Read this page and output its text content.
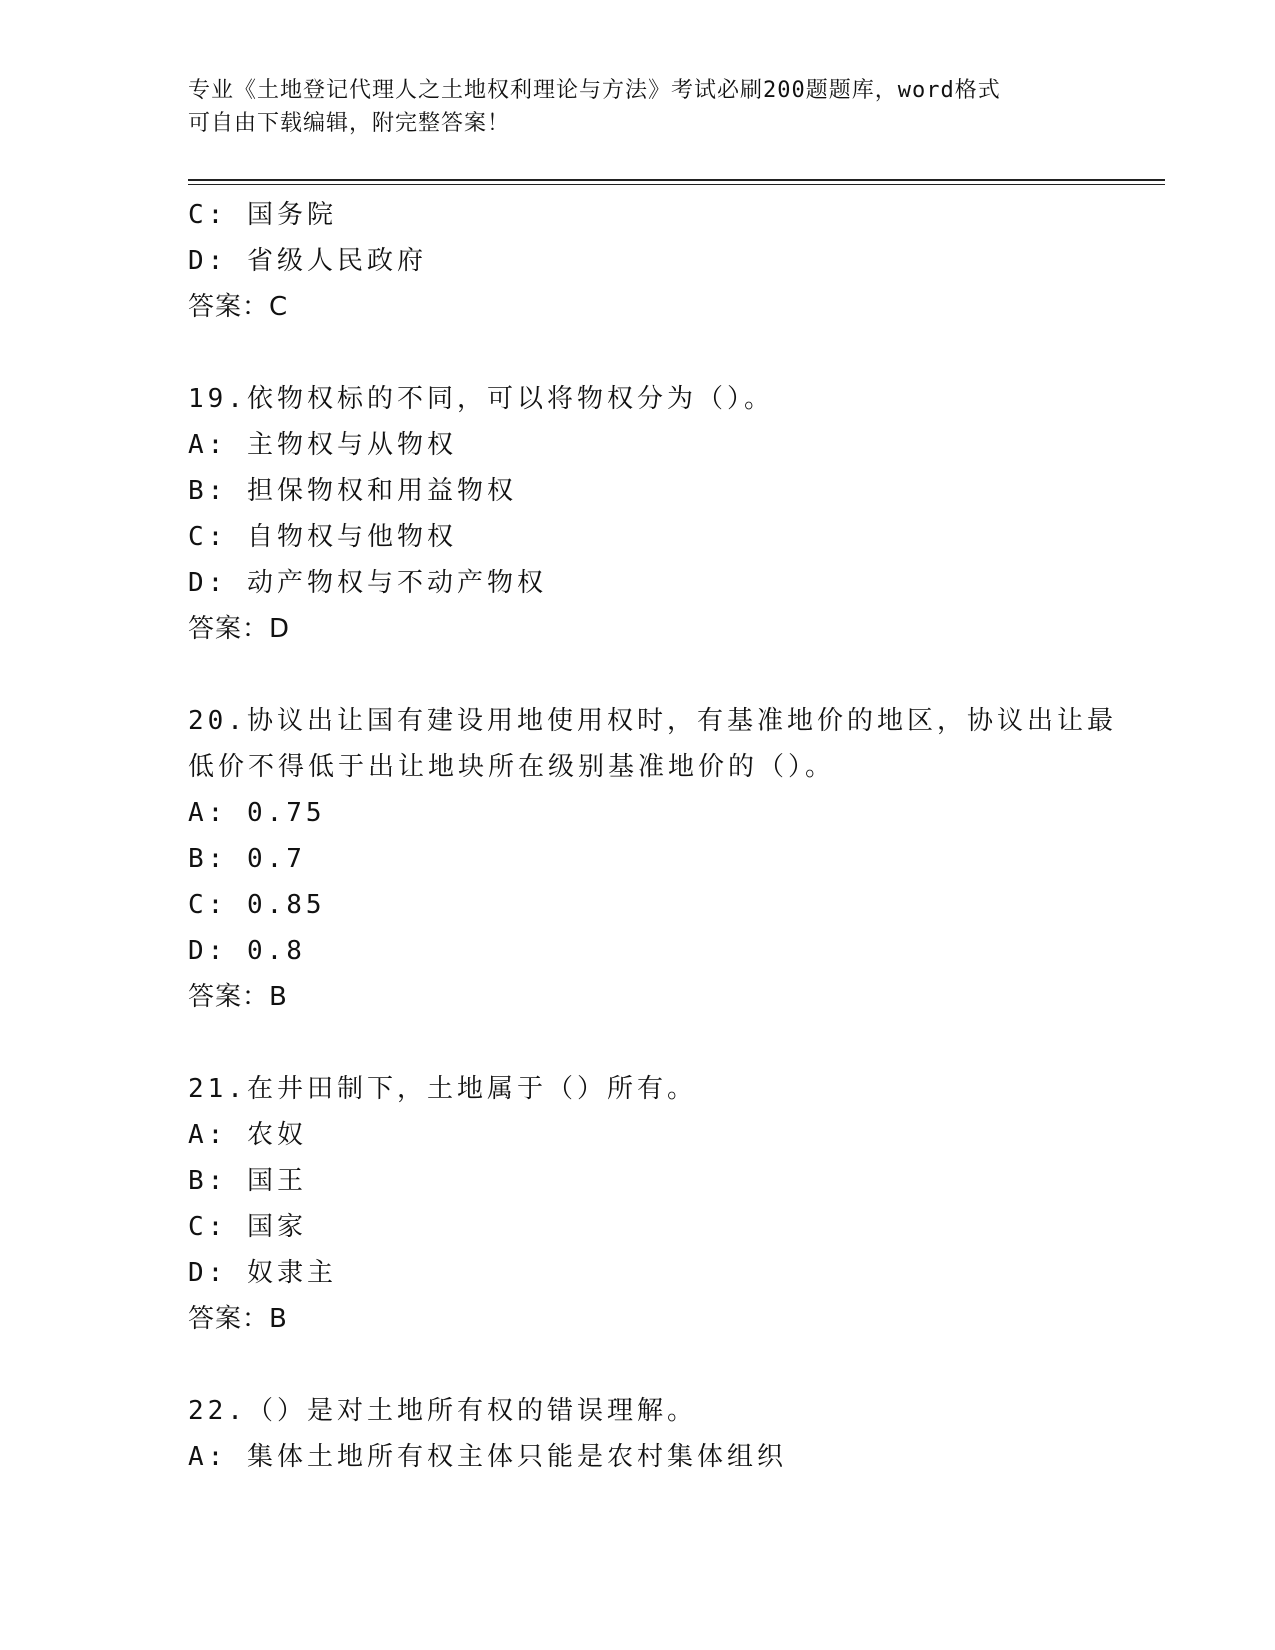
专业《土地登记代理人之土地权利理论与方法》考试必刷200题题库，word格式
可自由下载编辑，附完整答案！
C: 国务院
D: 省级人民政府
答案：C
19.依物权标的不同，可以将物权分为（）。
A: 主物权与从物权
B: 担保物权和用益物权
C: 自物权与他物权
D: 动产物权与不动产物权
答案：D
20.协议出让国有建设用地使用权时，有基准地价的地区，协议出让最
低价不得低于出让地块所在级别基准地价的（）。
A: 0.75
B: 0.7
C: 0.85
D: 0.8
答案：B
21.在井田制下，土地属于（）所有。
A: 农奴
B: 国王
C: 国家
D: 奴隶主
答案：B
22.（）是对土地所有权的错误理解。
A: 集体土地所有权主体只能是农村集体组织
